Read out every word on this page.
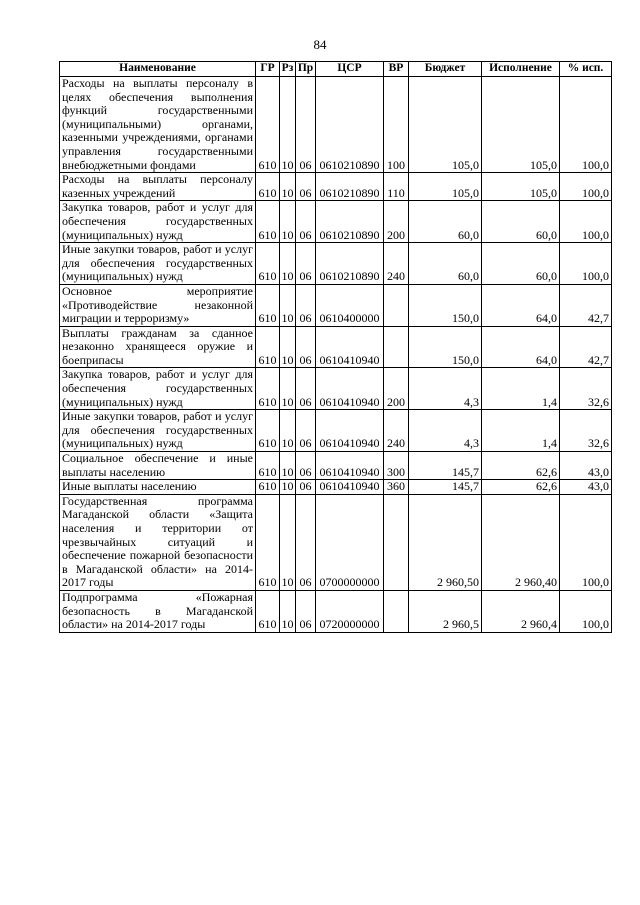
84
Наименование	ГР	Рз	Пр	ЦСР	ВР	Бюджет	Исполнение	% исп.
Расходы на выплаты персоналу в целях обеспечения выполнения функций государственными (муниципальными) органами, казенными учреждениями, органами управления государственными внебюджетными фондами	610	10	06	0610210890	100	105,0	105,0	100,0
Расходы на выплаты персоналу казенных учреждений	610	10	06	0610210890	110	105,0	105,0	100,0
Закупка товаров, работ и услуг для обеспечения государственных (муниципальных) нужд	610	10	06	0610210890	200	60,0	60,0	100,0
Иные закупки товаров, работ и услуг для обеспечения государственных (муниципальных) нужд	610	10	06	0610210890	240	60,0	60,0	100,0
Основное мероприятие «Противодействие незаконной миграции и терроризму»	610	10	06	0610400000		150,0	64,0	42,7
Выплаты гражданам за сданное незаконно хранящееся оружие и боеприпасы	610	10	06	0610410940		150,0	64,0	42,7
Закупка товаров, работ и услуг для обеспечения государственных (муниципальных) нужд	610	10	06	0610410940	200	4,3	1,4	32,6
Иные закупки товаров, работ и услуг для обеспечения государственных (муниципальных) нужд	610	10	06	0610410940	240	4,3	1,4	32,6
Социальное обеспечение и иные выплаты населению	610	10	06	0610410940	300	145,7	62,6	43,0
Иные выплаты населению	610	10	06	0610410940	360	145,7	62,6	43,0
Государственная программа Магаданской области «Защита населения и территории от чрезвычайных ситуаций и обеспечение пожарной безопасности в Магаданской области» на 2014-2017 годы	610	10	06	0700000000		2 960,50	2 960,40	100,0
Подпрограмма «Пожарная безопасность в Магаданской области» на 2014-2017 годы	610	10	06	0720000000		2 960,5	2 960,4	100,0
